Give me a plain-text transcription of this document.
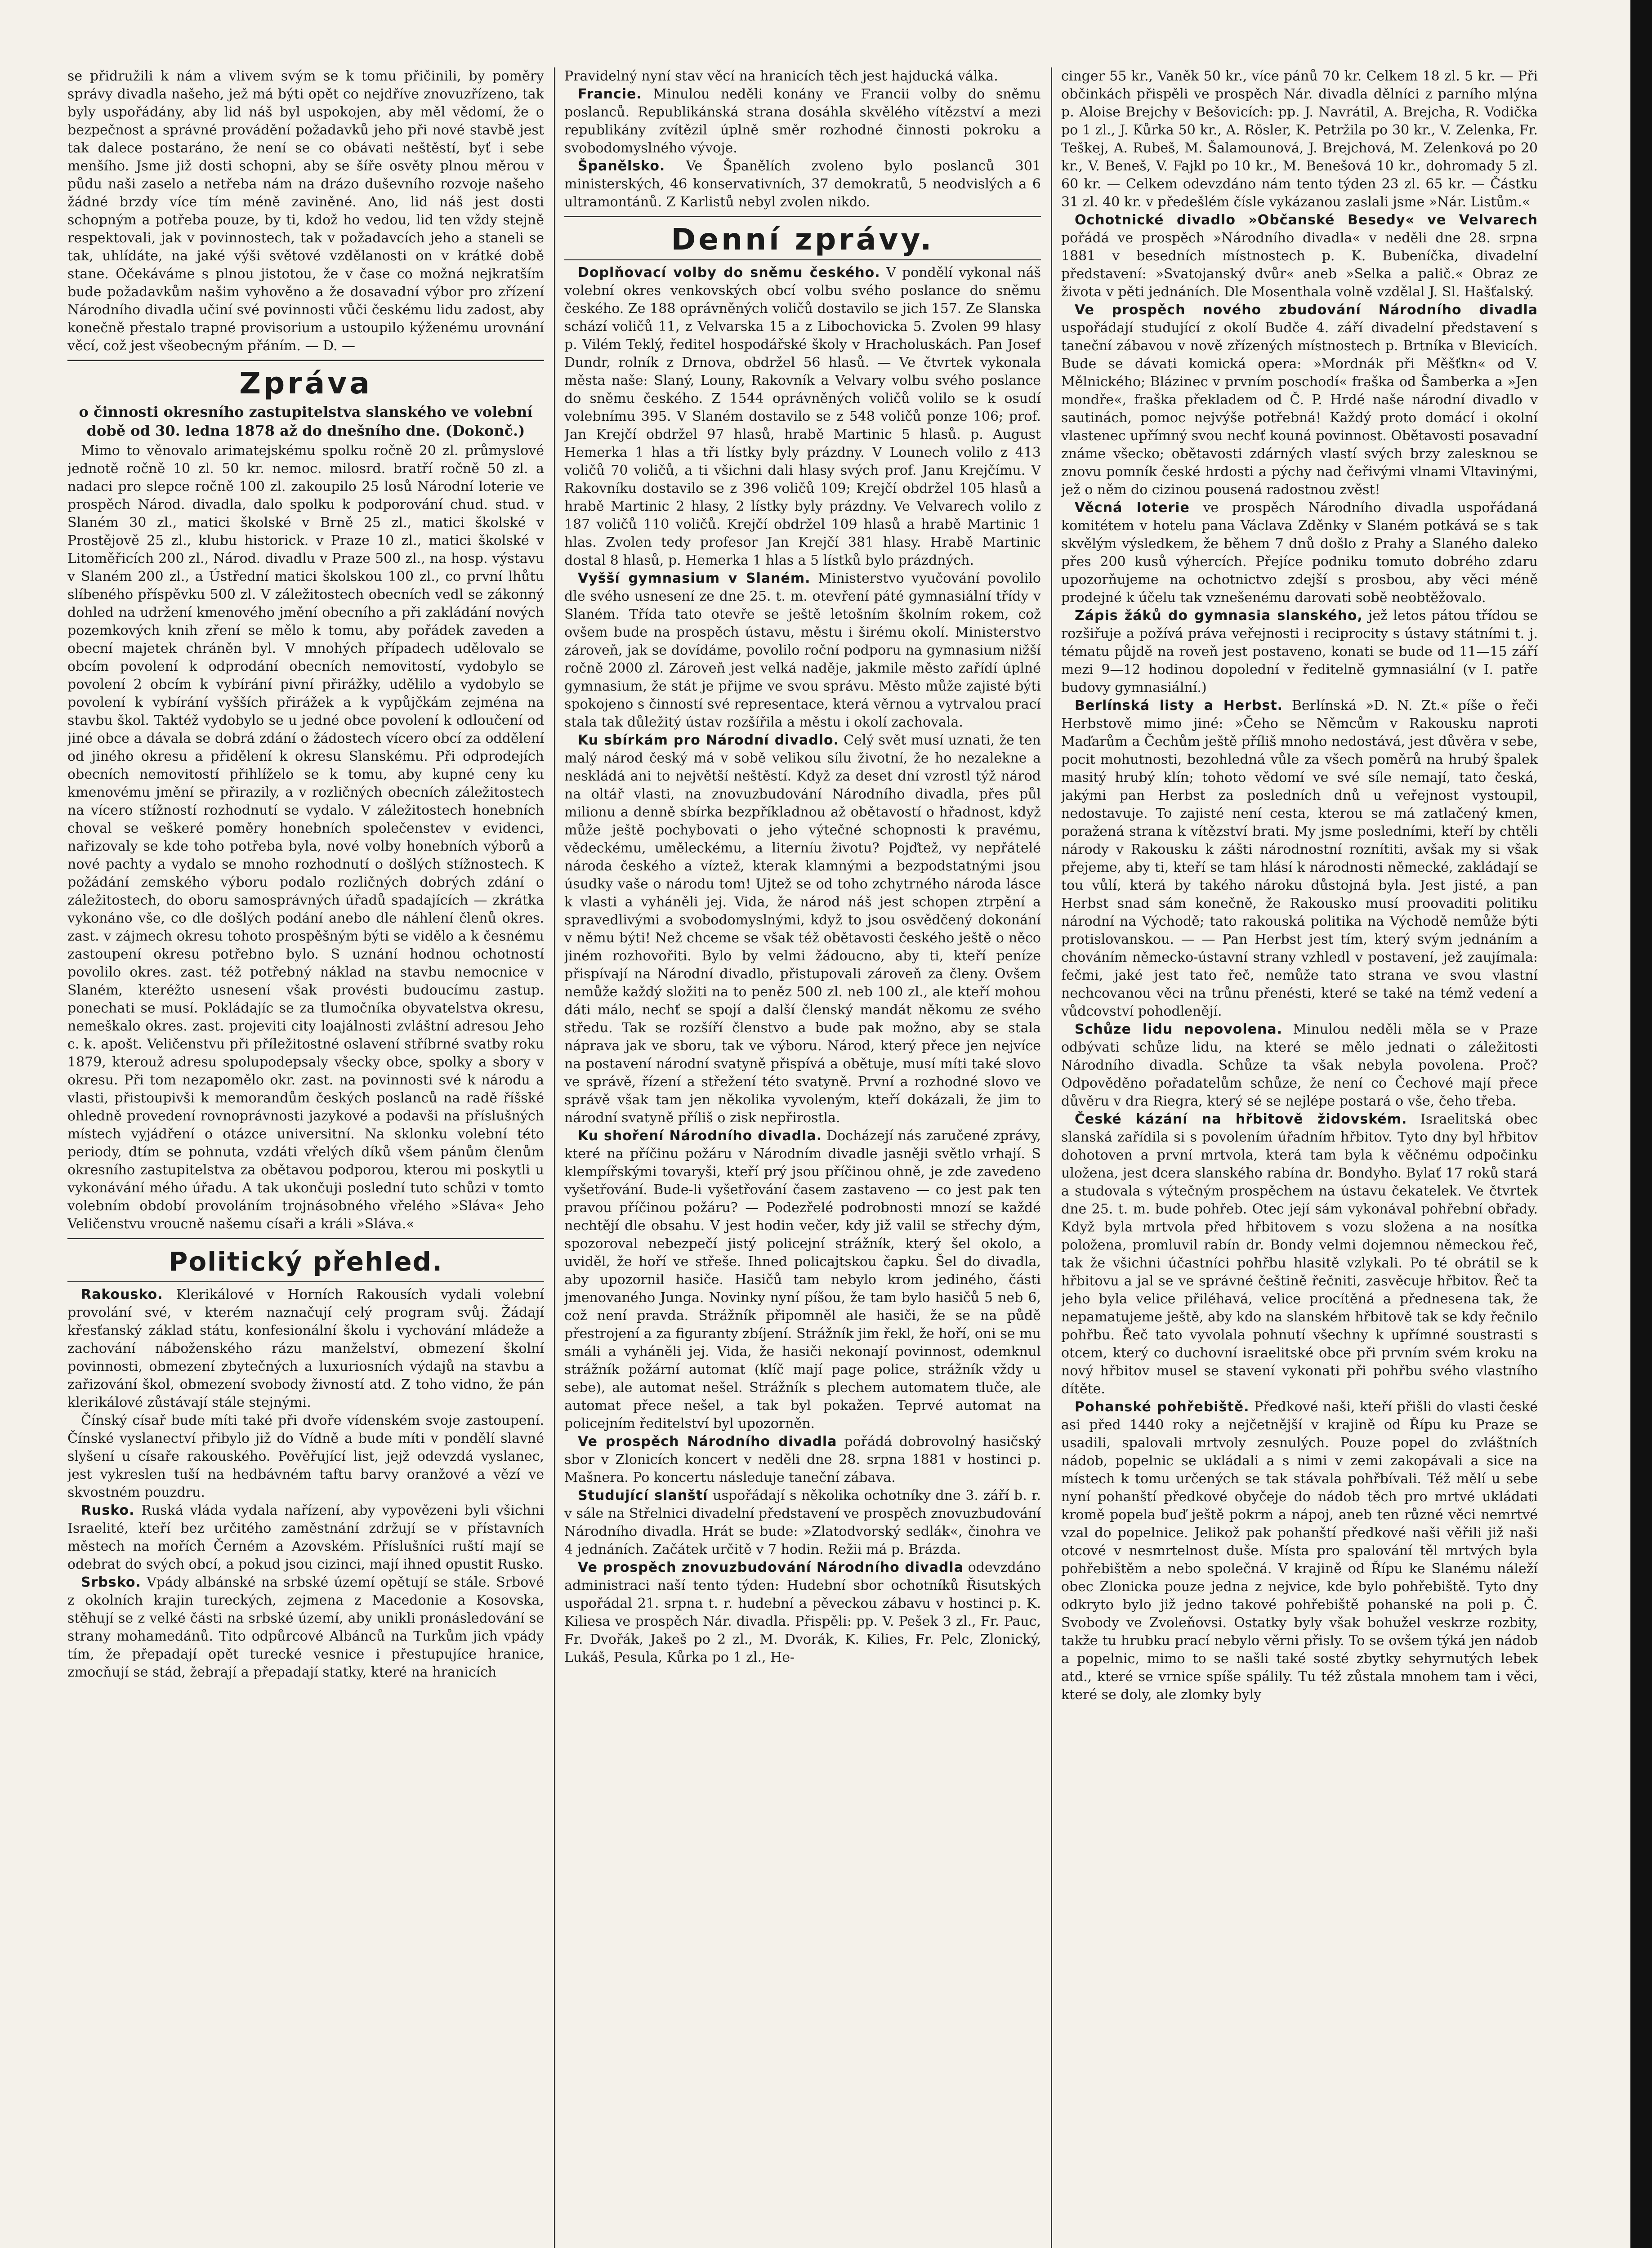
se přidružili k nám a vlivem svým se k tomu přičinili, by poměry správy divadla našeho, jež má býti opět co nejdříve znovuzřízeno, tak byly uspořádány, aby lid náš byl uspokojen, aby měl vědomí, že o bezpečnost a správné provádění požadavků jeho při nové stavbě jest tak dalece postaráno, že není se co obávati neštěstí, byť i sebe menšího. Jsme již dosti schopni, aby se šíře osvěty plnou měrou v půdu naši zaselo a netřeba nám na drázo duševního rozvoje našeho žádné brzdy více tím méně zaviněné. Ano, lid náš jest dosti schopným a potřeba pouze, by ti, kdož ho vedou, lid ten vždy stejně respektovali, jak v povinnostech, tak v požadavcích jeho a staneli se tak, uhlídáte, na jaké výši světové vzdělanosti on v krátké době stane. Očekáváme s plnou jistotou, že v čase co možná nejkratším bude požadavkům našim vyhověno a že dosavadní výbor pro zřízení Národního divadla učiní své povinnosti vůči českému lidu zadost, aby konečně přestalo trapné provisorium a ustoupilo kýženému urovnání věcí, což jest všeobecným přáním. — D. —

Zpráva
o činnosti okresního zastupitelstva slanského ve volební době od 30. ledna 1878 až do dnešního dne. (Dokonč.)

Mimo to věnovalo arimatejskému spolku ročně 20 zl. průmyslové jednotě ročně 10 zl. 50 kr. nemoc. milosrd. bratří ročně 50 zl. a nadaci pro slepce ročně 100 zl. zakoupilo 25 losů Národní loterie ve prospěch Národ. divadla, dalo spolku k podporování chud. stud. v Slaném 30 zl., matici školské v Brně 25 zl., matici školské v Prostějově 25 zl., klubu historick. v Praze 10 zl., matici školské v Litoměřicích 200 zl., Národ. divadlu v Praze 500 zl., na hosp. výstavu v Slaném 200 zl., a Ústřední matici školskou 100 zl., co první lhůtu slíbeného příspěvku 500 zl. V záležitostech obecních vedl se zákonný dohled na udržení kmenového jmění obecního a při zakládání nových pozemkových knih zření se mělo k tomu, aby pořádek zaveden a obecní majetek chráněn byl. V mnohých případech udělovalo se obcím povolení k odprodání obecních nemovitostí, vydobylo se povolení 2 obcím k vybírání pivní přirážky, udělilo a vydobylo se povolení k vybírání vyšších přirážek a k vypůjčkám zejména na stavbu škol. Taktéž vydobylo se u jedné obce povolení k odloučení od jiné obce a dávala se dobrá zdání o žádostech vícero obcí za oddělení od jiného okresu a přidělení k okresu Slanskému. Při odprodejích obecních nemovitostí přihlíželo se k tomu, aby kupné ceny ku kmenovému jmění se přirazily, a v rozličných obecních záležitostech na vícero stížností rozhodnutí se vydalo. V záležitostech honebních choval se veškeré poměry honebních společenstev v evidenci, nařizovaly se kde toho potřeba byla, nové volby honebních výborů a nové pachty a vydalo se mnoho rozhodnutí o došlých stížnostech. K požádání zemského výboru podalo rozličných dobrých zdání o záležitostech, do oboru samosprávných úřadů spadajících — zkrátka vykonáno vše, co dle došlých podání anebo dle náhlení členů okres. zast. v zájmech okresu tohoto prospěšným býti se vidělo a k česnému zastoupení okresu potřebno bylo. S uznání hodnou ochotností povolilo okres. zast. též potřebný náklad na stavbu nemocnice v Slaném, kteréžto usnesení však provésti budoucímu zastup. ponechati se musí. Pokládajíc se za tlumočníka obyvatelstva okresu, nemeškalo okres. zast. projeviti city loajálnosti zvláštní adresou Jeho c. k. apošt. Veličenstvu při příležitostné oslavení stříbrné svatby roku 1879, kterouž adresu spolupodepsaly všecky obce, spolky a sbory v okresu. Při tom nezapomělo okr. zast. na povinnosti své k národu a vlasti, přistoupivši k memorandům českých poslanců na radě říšské ohledně provedení rovnoprávnosti jazykové a podavši na příslušných místech vyjádření o otázce universitní. Na sklonku volební této periody, dtím se pohnuta, vzdáti vřelých díků všem pánům členům okresního zastupitelstva za obětavou podporou, kterou mi poskytli u vykonávání mého úřadu. A tak ukončuji poslední tuto schůzi v tomto volebním období provoláním trojnásobného vřelého »Sláva« Jeho Veličenstvu vroucně našemu císaři a králi »Sláva.«

Politický přehled.

Rakousko. Klerikálové v Horních Rakousích vydali volební provolání své, v kterém naznačují celý program svůj. Žádají křesťanský základ státu, konfesionální školu i vychování mládeže a zachování náboženského rázu manželství, obmezení školní povinnosti, obmezení zbytečných a luxuriosních výdajů na stavbu a zařizování škol, obmezení svobody živností atd. Z toho vidno, že pán klerikálové zůstávají stále stejnými.

Čínský císař bude míti také při dvoře vídenském svoje zastoupení. Čínské vyslanectví přibylo již do Vídně a bude míti v pondělí slavné slyšení u císaře rakouského. Pověřující list, jejž odevzdá vyslanec, jest vykreslen tuší na hedbávném taftu barvy oranžové a vězí ve skvostném pouzdru.

Rusko. Ruská vláda vydala nařízení, aby vypovězeni byli všichni Israelité, kteří bez určitého zaměstnání zdržují se v přístavních městech na mořích Černém a Azovském. Příslušníci ruští mají se odebrat do svých obcí, a pokud jsou cizinci, mají ihned opustit Rusko.

Srbsko. Vpády albánské na srbské území opětují se stále. Srbové z okolních krajin tureckých, zejmena z Macedonie a Kosovska, stěhují se z velké části na srbské území, aby unikli pronásledování se strany mohamedánů. Tito odpůrcové Albánců na Turkům jich vpády tím, že přepadají opět turecké vesnice i přestupujíce hranice, zmocňují se stád, žebrají a přepadají statky, které na hranicích

Pravidelný nyní stav věcí na hranicích těch jest hajducká válka.

Francie. Minulou neděli konány ve Francii volby do sněmu poslanců. Republikánská strana dosáhla skvělého vítězství a mezi republikány zvítězil úplně směr rozhodné činnosti pokroku a svobodomyslného vývoje.

Španělsko. Ve Španělích zvoleno bylo poslanců 301 ministerských, 46 konservativních, 37 demokratů, 5 neodvislých a 6 ultramontánů. Z Karlistů nebyl zvolen nikdo.

Denní zprávy.

Doplňovací volby do sněmu českého. V pondělí vykonal náš volební okres venkovských obcí volbu svého poslance do sněmu českého. Ze 188 oprávněných voličů dostavilo se jich 157. Ze Slanska schází voličů 11, z Velvarska 15 a z Libochovicka 5. Zvolen 99 hlasy p. Vilém Teklý, ředitel hospodářské školy v Hracholuskách. Pan Josef Dundr, rolník z Drnova, obdržel 56 hlasů. — Ve čtvrtek vykonala města naše: Slaný, Louny, Rakovník a Velvary volbu svého poslance do sněmu českého. Z 1544 oprávněných voličů volilo se k osudí volebnímu 395. V Slaném dostavilo se z 548 voličů ponze 106; prof. Jan Krejčí obdržel 97 hlasů, hrabě Martinic 5 hlasů. p. August Hemerka 1 hlas a tři lístky byly prázdny. V Lounech volilo z 413 voličů 70 voličů, a ti všichni dali hlasy svých prof. Janu Krejčímu. V Rakovníku dostavilo se z 396 voličů 109; Krejčí obdržel 105 hlasů a hrabě Martinic 2 hlasy, 2 lístky byly prázdny. Ve Velvarech volilo z 187 voličů 110 voličů. Krejčí obdržel 109 hlasů a hrabě Martinic 1 hlas. Zvolen tedy profesor Jan Krejčí 381 hlasy. Hrabě Martinic dostal 8 hlasů, p. Hemerka 1 hlas a 5 lístků bylo prázdných.

Vyšší gymnasium v Slaném. Ministerstvo vyučování povolilo dle svého usnesení ze dne 25. t. m. otevření páté gymnasiální třídy v Slaném. Třída tato otevře se ještě letošním školním rokem, což ovšem bude na prospěch ústavu, městu i širému okolí. Ministerstvo zároveň, jak se dovídáme, povolilo roční podporu na gymnasium nižší ročně 2000 zl. Zároveň jest velká naděje, jakmile město zařídí úplné gymnasium, že stát je přijme ve svou správu. Město může zajisté býti spokojeno s činností své representace, která věrnou a vytrvalou prací stala tak důležitý ústav rozšířila a městu i okolí zachovala.

Ku sbírkám pro Národní divadlo. Celý svět musí uznati, že ten malý národ český má v sobě velikou sílu životní, že ho nezalekne a neskládá ani to největší neštěstí. Když za deset dní vzrostl týž národ na oltář vlasti, na znovuzbudování Národního divadla, přes půl milionu a denně sbírka bezpříkladnou až obětavostí o hřadnost, když může ještě pochybovati o jeho výtečné schopnosti k pravému, vědeckému, uměleckému, a literníu životu? Pojďtež, vy nepřátelé národa českého a víztež, kterak klamnými a bezpodstatnými jsou úsudky vaše o národu tom! Ujtež se od toho zchytrného národa lásce k vlasti a vyháněli jej. Vida, že národ náš jest schopen ztrpění a spravedlivými a svobodomyslnými, když to jsou osvědčený dokonání v němu býti! Než chceme se však též obětavosti českého ještě o něco jiném rozhovořiti. Bylo by velmi žádoucno, aby ti, kteří peníze přispívají na Národní divadlo, přistupovali zároveň za členy. Ovšem nemůže každý složiti na to peněz 500 zl. neb 100 zl., ale kteří mohou dáti málo, nechť se spojí a další členský mandát někomu ze svého středu. Tak se rozšíří členstvo a bude pak možno, aby se stala náprava jak ve sboru, tak ve výboru. Národ, který přece jen nejvíce na postavení národní svatyně přispívá a obětuje, musí míti také slovo ve správě, řízení a střežení této svatyně. První a rozhodné slovo ve správě však tam jen několika vyvoleným, kteří dokázali, že jim to národní svatyně příliš o zisk nepřirostla.

Ku shoření Národního divadla. Docházejí nás zaručené zprávy, které na příčinu požáru v Národním divadle jasněji světlo vrhají. S klempířskými tovaryši, kteří prý jsou příčinou ohně, je zde zavedeno vyšetřování. Bude-li vyšetřování časem zastaveno — co jest pak ten pravou příčinou požáru? — Podezřelé podrobnosti mnozí se každé nechtějí dle obsahu. V jest hodin večer, kdy již valil se střechy dým, spozoroval nebezpečí jistý policejní strážník, který šel okolo, a uviděl, že hoří ve střeše. Ihned policajtskou čapku. Šel do divadla, aby upozornil hasiče. Hasičů tam nebylo krom jediného, části jmenovaného Junga. Novinky nyní píšou, že tam bylo hasičů 5 neb 6, což není pravda. Strážník připomněl ale hasiči, že se na půdě přestrojení a za figuranty zbíjení. Strážník jim řekl, že hoří, oni se mu smáli a vyháněli jej. Vida, že hasiči nekonají povinnost, odemknul strážník požární automat (klíč mají page police, strážník vždy u sebe), ale automat nešel. Strážník s plechem automatem tluče, ale automat přece nešel, a tak byl pokažen. Teprvé automat na policejním ředitelství byl upozorněn.

Ve prospěch Národního divadla pořádá dobrovolný hasičský sbor v Zlonicích koncert v neděli dne 28. srpna 1881 v hostinci p. Mašnera. Po koncertu následuje taneční zábava.

Studující slanští uspořádají s několika ochotníky dne 3. září b. r. v sále na Střelnici divadelní představení ve prospěch znovuzbudování Národního divadla. Hrát se bude: »Zlatodvorský sedlák«, činohra ve 4 jednáních. Začátek určitě v 7 hodin. Režii má p. Brázda.

Ve prospěch znovuzbudování Národního divadla odevzdáno administraci naší tento týden: Hudební sbor ochotníků Řisutských uspořádal 21. srpna t. r. hudební a pěveckou zábavu v hostinci p. K. Kiliesa ve prospěch Nár. divadla. Přispěli: pp. V. Pešek 3 zl., Fr. Pauc, Fr. Dvořák, Jakeš po 2 zl., M. Dvorák, K. Kilies, Fr. Pelc, Zlonický, Lukáš, Pesula, Kůrka po 1 zl., He-

cinger 55 kr., Vaněk 50 kr., více pánů 70 kr. Celkem 18 zl. 5 kr. — Při občinkách přispěli ve prospěch Nár. divadla dělníci z parního mlýna p. Aloise Brejchy v Bešovicích: pp. J. Navrátil, A. Brejcha, R. Vodička po 1 zl., J. Kůrka 50 kr., A. Rösler, K. Petržila po 30 kr., V. Zelenka, Fr. Teškej, A. Rubeš, M. Šalamounová, J. Brejchová, M. Zelenková po 20 kr., V. Beneš, V. Fajkl po 10 kr., M. Benešová 10 kr., dohromady 5 zl. 60 kr. — Celkem odevzdáno nám tento týden 23 zl. 65 kr. — Částku 31 zl. 40 kr. v předešlém čísle vykázanou zaslali jsme »Nár. Listům.«

Ochotnické divadlo »Občanské Besedy« ve Velvarech pořádá ve prospěch »Národního divadla« v neděli dne 28. srpna 1881 v besedních místnostech p. K. Bubeníčka, divadelní představení: »Svatojanský dvůr« aneb »Selka a palič.« Obraz ze života v pěti jednáních. Dle Mosenthala volně vzdělal J. Sl. Hašťalský.

Ve prospěch nového zbudování Národního divadla uspořádají studující z okolí Budče 4. září divadelní představení s taneční zábavou v nově zřízených místnostech p. Brtníka v Blevicích. Bude se dávati komická opera: »Mordnák při Měšťkn« od V. Mělnického; Blázinec v prvním poschodí« fraška od Šamberka a »Jen mondře«, fraška překladem od Č. P. Hrdé naše národní divadlo v sautinách, pomoc nejvýše potřebná! Každý proto domácí i okolní vlastenec upřímný svou nechť kouná povinnost. Obětavosti posavadní známe všecko; obětavosti zdárných vlastí svých brzy zalesknou se znovu pomník české hrdosti a pýchy nad čeřivými vlnami Vltavinými, jež o něm do cizinou pousená radostnou zvěst!

Věcná loterie ve prospěch Národního divadla uspořádaná komitétem v hotelu pana Václava Zděnky v Slaném potkává se s tak skvělým výsledkem, že během 7 dnů došlo z Prahy a Slaného daleko přes 200 kusů výhercích. Přejíce podniku tomuto dobrého zdaru upozorňujeme na ochotnictvo zdejší s prosbou, aby věci méně prodejné k účelu tak vznešenému darovati sobě neobtěžovalo.

Zápis žáků do gymnasia slanského, jež letos pátou třídou se rozšiřuje a požívá práva veřejnosti i reciprocity s ústavy státními t. j. tématu půjdě na roveň jest postaveno, konati se bude od 11—15 září mezi 9—12 hodinou dopolední v ředitelně gymnasiální (v I. patře budovy gymnasiální.)

Berlínská listy a Herbst. Berlínská »D. N. Zt.« píše o řeči Herbstově mimo jiné: »Čeho se Němcům v Rakousku naproti Maďarům a Čechům ještě příliš mnoho nedostává, jest důvěra v sebe, pocit mohutnosti, bezohledná vůle za všech poměrů na hrubý špalek masitý hrubý klín; tohoto vědomí ve své síle nemají, tato česká, jakými pan Herbst za posledních dnů u veřejnost vystoupil, nedostavuje. To zajisté není cesta, kterou se má zatlačený kmen, poražená strana k vítězství brati. My jsme posledními, kteří by chtěli národy v Rakousku k zášti národnostní roznítiti, avšak my si však přejeme, aby ti, kteří se tam hlásí k národnosti německé, zakládají se tou vůlí, která by takého nároku důstojná byla. Jest jisté, a pan Herbst snad sám konečně, že Rakousko musí proovaditi politiku národní na Východě; tato rakouská politika na Východě nemůže býti protislovanskou. — — Pan Herbst jest tím, který svým jednáním a chováním německo-ústavní strany vzhledl v postavení, jež zaujímala: fečmi, jaké jest tato řeč, nemůže tato strana ve svou vlastní nechcovanou věci na trůnu přenésti, které se také na témž vedení a vůdcovství pohodlenějí.

Schůze lidu nepovolena. Minulou neděli měla se v Praze odbývati schůze lidu, na které se mělo jednati o záležitosti Národního divadla. Schůze ta však nebyla povolena. Proč? Odpověděno pořadatelům schůze, že není co Čechové mají přece důvěru v dra Riegra, který sé se nejlépe postará o vše, čeho třeba.

České kázání na hřbitově židovském. Israelitská obec slanská zařídila si s povolením úřadním hřbitov. Tyto dny byl hřbitov dohotoven a první mrtvola, která tam byla k věčnému odpočinku uložena, jest dcera slanského rabína dr. Bondyho. Bylať 17 roků stará a studovala s výtečným prospěchem na ústavu čekatelek. Ve čtvrtek dne 25. t. m. bude pohřeb. Otec její sám vykonával pohřební obřady. Když byla mrtvola před hřbitovem s vozu složena a na nosítka položena, promluvil rabín dr. Bondy velmi dojemnou německou řeč, tak že všichni účastníci pohřbu hlasitě vzlykali. Po té obrátil se k hřbitovu a jal se ve správné češtině řečniti, zasvěcuje hřbitov. Řeč ta jeho byla velice přiléhavá, velice procítěná a přednesena tak, že nepamatujeme ještě, aby kdo na slanském hřbitově tak se kdy řečnilo pohřbu. Řeč tato vyvolala pohnutí všechny k upřímné soustrasti s otcem, který co duchovní israelitské obce při prvním svém kroku na nový hřbitov musel se stavení vykonati při pohřbu svého vlastního dítěte.

Pohanské pohřebiště. Předkové naši, kteří přišli do vlasti české asi před 1440 roky a nejčetnější v krajině od Řípu ku Praze se usadili, spalovali mrtvoly zesnulých. Pouze popel do zvláštních nádob, popelnic se ukládali a s nimi v zemi zakopávali a sice na místech k tomu určených se tak stávala pohřbívali. Též mělí u sebe nyní pohanští předkové obyčeje do nádob těch pro mrtvé ukládati kromě popela buď ještě pokrm a nápoj, aneb ten různé věci nemrtvé vzal do popelnice. Jelikož pak pohanští předkové naši věřili již naši otcové v nesmrtelnost duše. Místa pro spalování těl mrtvých byla pohřebištěm a nebo společná. V krajině od Řípu ke Slanému náleží obec Zlonicka pouze jedna z nejvice, kde bylo pohřebiště. Tyto dny odkryto bylo již jedno takové pohřebiště pohanské na poli p. Č. Svobody ve Zvoleňovsi. Ostatky byly však bohužel veskrze rozbity, takže tu hrubku prací nebylo věrni přisly. To se ovšem týká jen nádob a popelnic, mimo to se našli také sosté zbytky sehyrnutých lebek atd., které se vrnice spíše spálily. Tu též zůstala mnohem tam i věci, které se doly, ale zlomky byly
